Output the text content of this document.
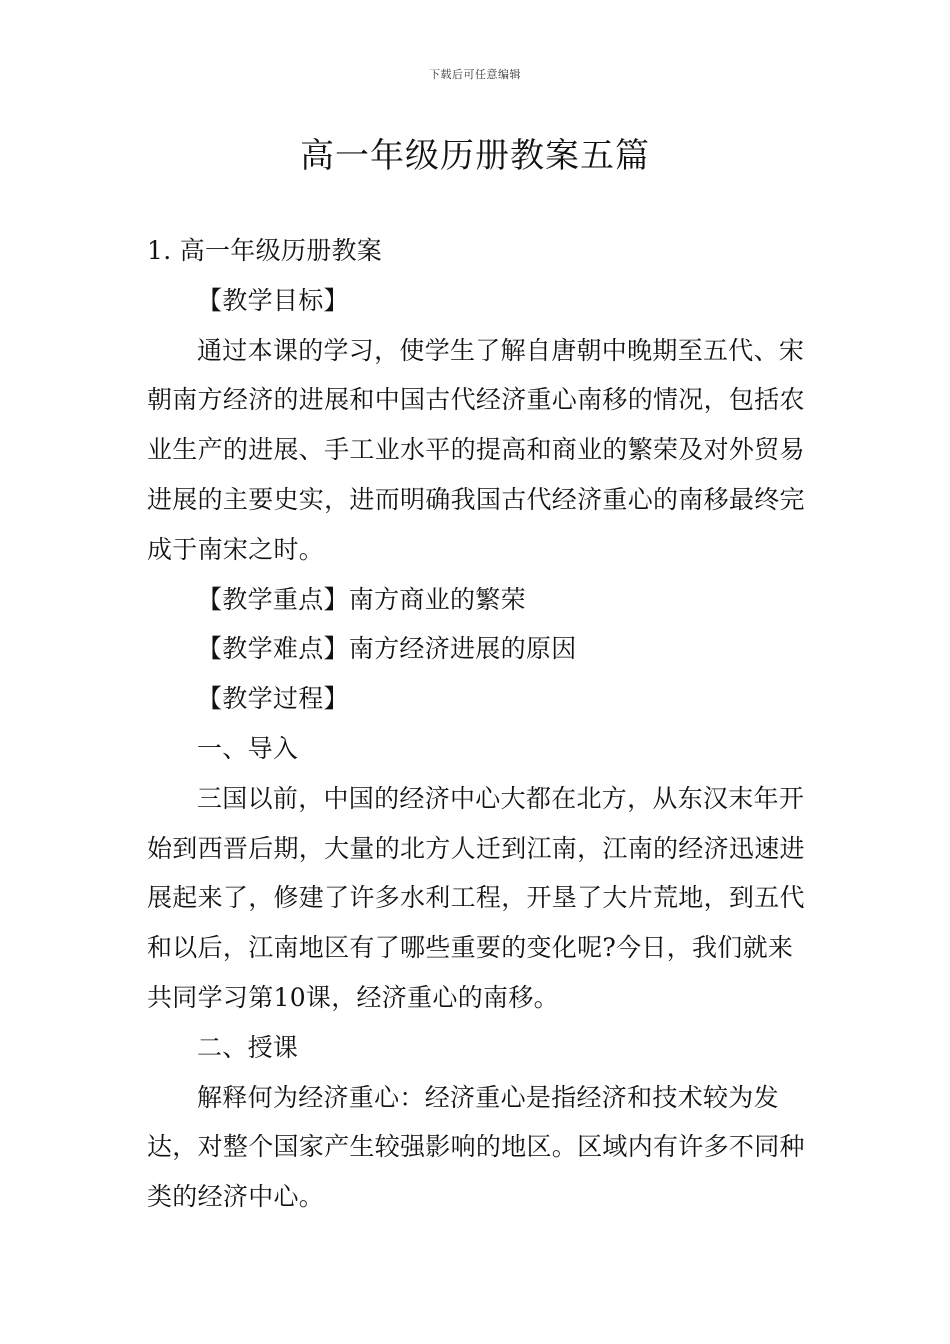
下载后可任意编辑
高一年级历册教案五篇

1. 高一年级历册教案

【教学目标】

通过本课的学习，使学生了解自唐朝中晚期至五代、宋朝南方经济的进展和中国古代经济重心南移的情况，包括农业生产的进展、手工业水平的提高和商业的繁荣及对外贸易进展的主要史实，进而明确我国古代经济重心的南移最终完成于南宋之时。

【教学重点】南方商业的繁荣

【教学难点】南方经济进展的原因

【教学过程】

一、导入

三国以前，中国的经济中心大都在北方，从东汉末年开始到西晋后期，大量的北方人迁到江南，江南的经济迅速进展起来了，修建了许多水利工程，开垦了大片荒地，到五代和以后，江南地区有了哪些重要的变化呢?今日，我们就来共同学习第10课，经济重心的南移。

二、授课

解释何为经济重心：经济重心是指经济和技术较为发达，对整个国家产生较强影响的地区。区域内有许多不同种类的经济中心。
